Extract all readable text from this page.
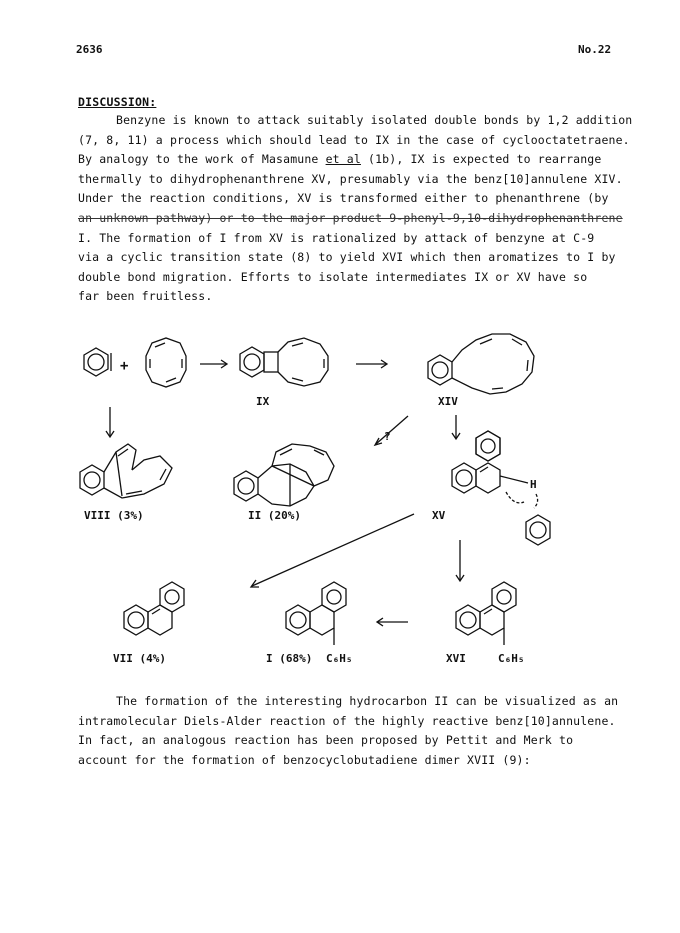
2636	No.22
DISCUSSION:
Benzyne is known to attack suitably isolated double bonds by 1,2 addition
(7, 8, 11) a process which should lead to IX in the case of cyclooctatetraene.
By analogy to the work of Masamune et al (1b), IX is expected to rearrange
thermally to dihydrophenanthrene XV, presumably via the benz[10]annulene XIV.
Under the reaction conditions, XV is transformed either to phenanthrene (by
an unknown pathway) or to the major product 9-phenyl-9,10-dihydrophenanthrene
I. The formation of I from XV is rationalized by attack of benzyne at C-9
via a cyclic transition state (8) to yield XVI which then aromatizes to I by
double bond migration. Efforts to isolate intermediates IX or XV have so
far been fruitless.
+
?
H
IX	XIV
VIII (3%)	II (20%)	XV
VII (4%)	I (68%) C₆H₅	XVI	C₆H₅
The formation of the interesting hydrocarbon II can be visualized as an
intramolecular Diels-Alder reaction of the highly reactive benz[10]annulene.
In fact, an analogous reaction has been proposed by Pettit and Merk to
account for the formation of benzocyclobutadiene dimer XVII (9):
